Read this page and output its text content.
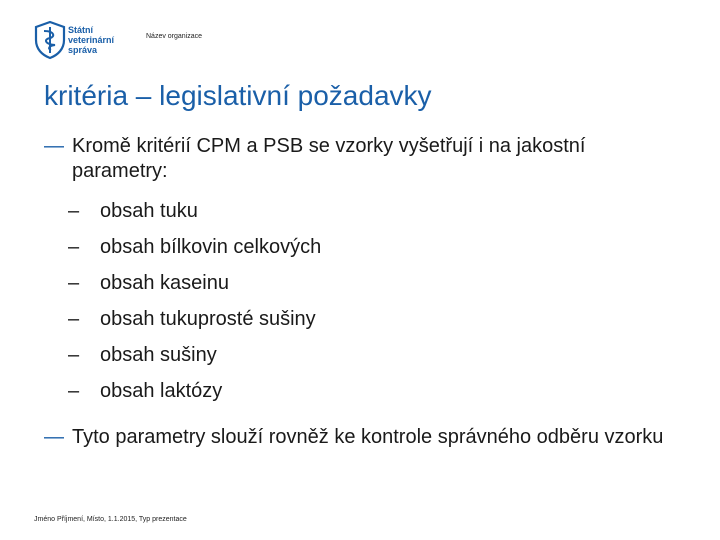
Státní
veterinární
správa
Název organizace
kritéria – legislativní požadavky

— Kromě kritérií CPM a PSB se vzorky vyšetřují i na jakostní parametry:

– obsah tuku
– obsah bílkovin celkových
– obsah kaseinu
– obsah tukuprosté sušiny
– obsah sušiny
– obsah laktózy

— Tyto parametry slouží rovněž ke kontrole správného odběru vzorku

Jméno Příjmení, Místo, 1.1.2015, Typ prezentace
